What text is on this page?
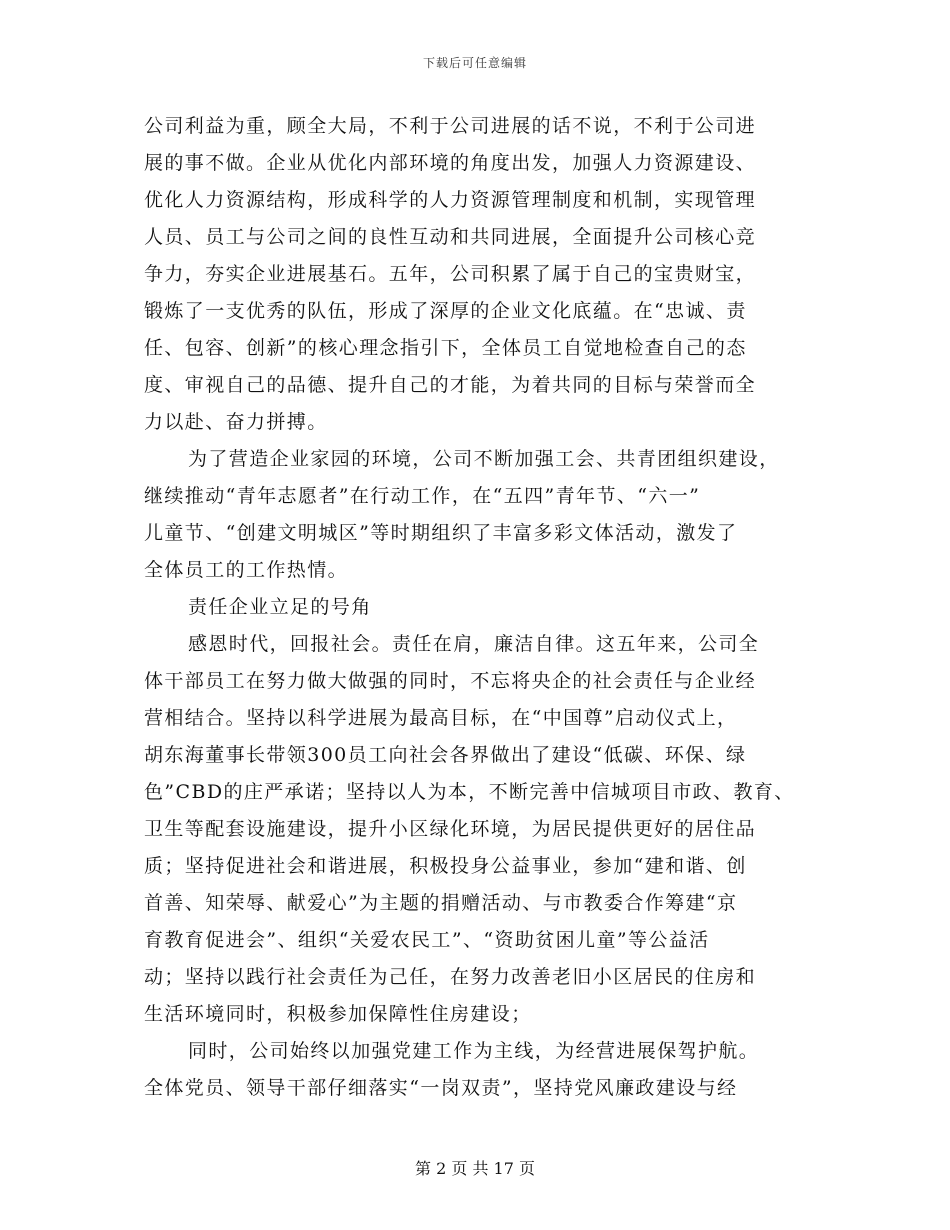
下载后可任意编辑
公司利益为重，顾全大局，不利于公司进展的话不说，不利于公司进
展的事不做。企业从优化内部环境的角度出发，加强人力资源建设、
优化人力资源结构，形成科学的人力资源管理制度和机制，实现管理
人员、员工与公司之间的良性互动和共同进展，全面提升公司核心竞
争力，夯实企业进展基石。五年，公司积累了属于自己的宝贵财宝，
锻炼了一支优秀的队伍，形成了深厚的企业文化底蕴。在“忠诚、责
任、包容、创新”的核心理念指引下，全体员工自觉地检查自己的态
度、审视自己的品德、提升自己的才能，为着共同的目标与荣誉而全
力以赴、奋力拼搏。
为了营造企业家园的环境，公司不断加强工会、共青团组织建设，
继续推动“青年志愿者”在行动工作，在“五四”青年节、“六一”
儿童节、“创建文明城区”等时期组织了丰富多彩文体活动，激发了
全体员工的工作热情。
责任企业立足的号角
感恩时代，回报社会。责任在肩，廉洁自律。这五年来，公司全
体干部员工在努力做大做强的同时，不忘将央企的社会责任与企业经
营相结合。坚持以科学进展为最高目标，在“中国尊”启动仪式上，
胡东海董事长带领300员工向社会各界做出了建设“低碳、环保、绿
色”CBD的庄严承诺；坚持以人为本，不断完善中信城项目市政、教育、
卫生等配套设施建设，提升小区绿化环境，为居民提供更好的居住品
质；坚持促进社会和谐进展，积极投身公益事业，参加“建和谐、创
首善、知荣辱、献爱心”为主题的捐赠活动、与市教委合作筹建“京
育教育促进会”、组织“关爱农民工”、“资助贫困儿童”等公益活
动；坚持以践行社会责任为己任，在努力改善老旧小区居民的住房和
生活环境同时，积极参加保障性住房建设；
同时，公司始终以加强党建工作为主线，为经营进展保驾护航。
全体党员、领导干部仔细落实“一岗双责”，坚持党风廉政建设与经
第 2 页 共 17 页
